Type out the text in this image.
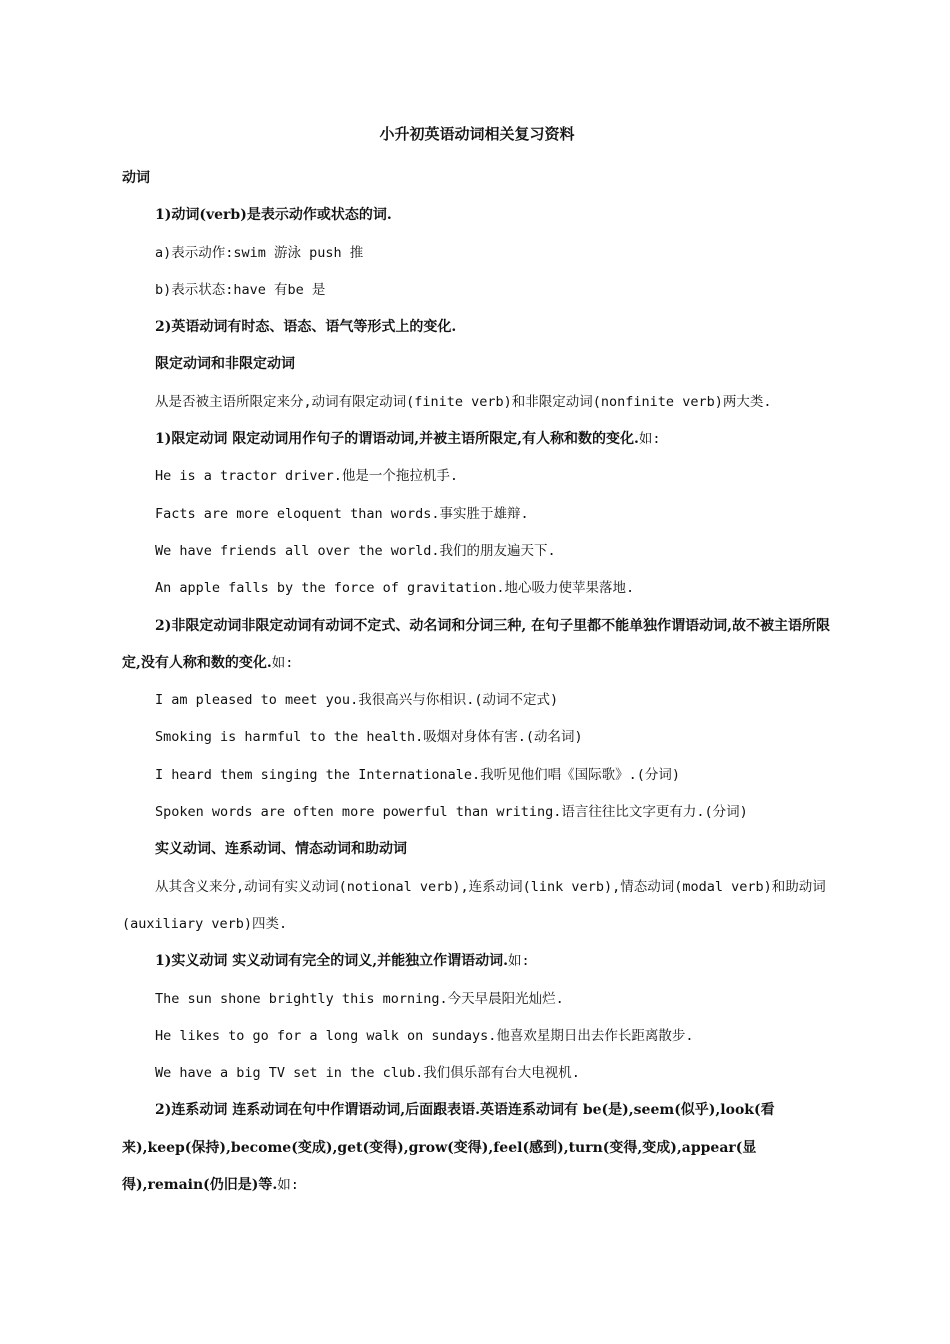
小升初英语动词相关复习资料
动词
1)动词(verb)是表示动作或状态的词.
a)表示动作:swim 游泳 push 推
b)表示状态:have 有be 是
2)英语动词有时态、语态、语气等形式上的变化.
限定动词和非限定动词
从是否被主语所限定来分,动词有限定动词(finite verb)和非限定动词(nonfinite verb)两大类.
1)限定动词 限定动词用作句子的谓语动词,并被主语所限定,有人称和数的变化.如:
He is a tractor driver.他是一个拖拉机手.
Facts are more eloquent than words.事实胜于雄辩.
We have friends all over the world.我们的朋友遍天下.
An apple falls by the force of gravitation.地心吸力使苹果落地.
2)非限定动词非限定动词有动词不定式、动名词和分词三种, 在句子里都不能单独作谓语动词,故不被主语所限定,没有人称和数的变化.如:
I am pleased to meet you.我很高兴与你相识.(动词不定式)
Smoking is harmful to the health.吸烟对身体有害.(动名词)
I heard them singing the Internationale.我听见他们唱《国际歌》.(分词)
Spoken words are often more powerful than writing.语言往往比文字更有力.(分词)
实义动词、连系动词、情态动词和助动词
从其含义来分,动词有实义动词(notional verb),连系动词(link verb),情态动词(modal verb)和助动词(auxiliary verb)四类.
1)实义动词 实义动词有完全的词义,并能独立作谓语动词.如:
The sun shone brightly this morning.今天早晨阳光灿烂.
He likes to go for a long walk on sundays.他喜欢星期日出去作长距离散步.
We have a big TV set in the club.我们俱乐部有台大电视机.
2)连系动词 连系动词在句中作谓语动词,后面跟表语.英语连系动词有 be(是),seem(似乎),look(看来),keep(保持),become(变成),get(变得),grow(变得),feel(感到),turn(变得,变成),appear(显得),remain(仍旧是)等.如:
